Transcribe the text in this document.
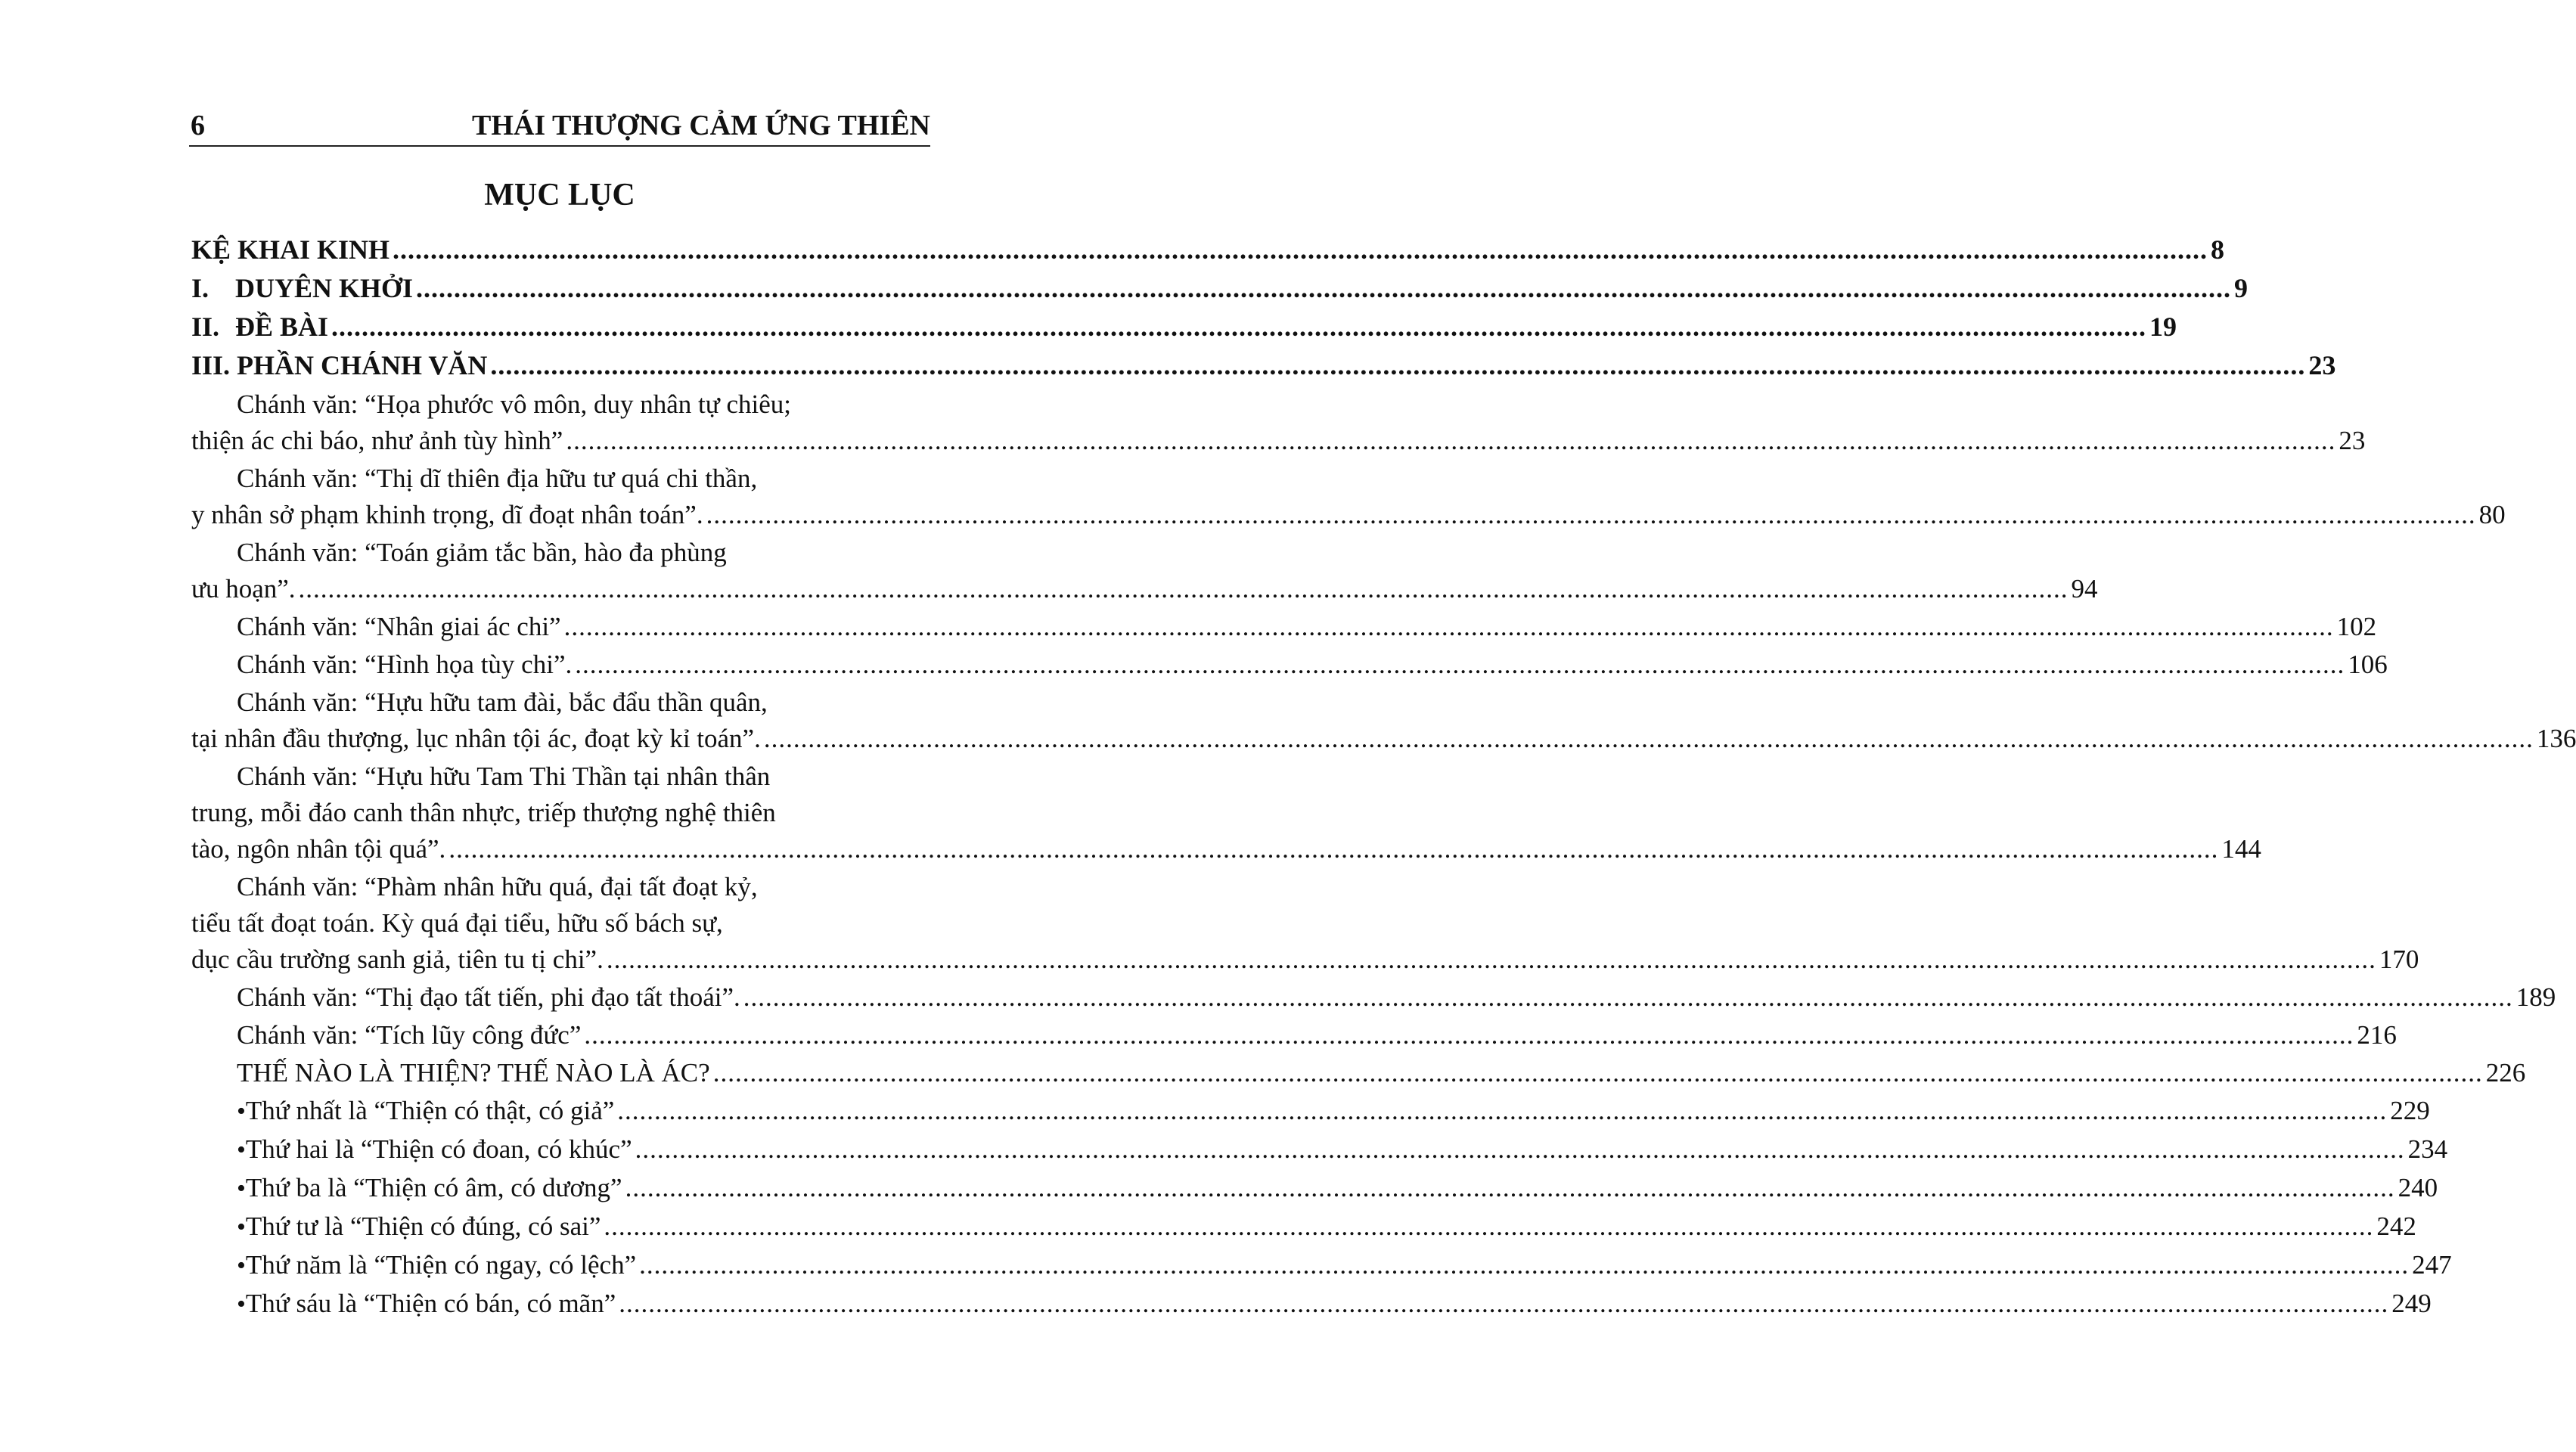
6	THÁI THƯỢNG CẢM ỨNG THIÊN
MỤC LỤC
KỆ KHAI KINH .....	8
I. DUYÊN KHỞI .....	9
II. ĐỀ BÀI .....	19
III. PHẦN CHÁNH VĂN .....	23
Chánh văn: “Họa phước vô môn, duy nhân tự chiêu;
thiện ác chi báo, như ảnh tùy hình” .....	23
Chánh văn: “Thị dĩ thiên địa hữu tư quá chi thần,
y nhân sở phạm khinh trọng, dĩ đoạt nhân toán”. .....	80
Chánh văn: “Toán giảm tắc bần, hào đa phùng
ưu hoạn”. .....	94
Chánh văn: “Nhân giai ác chi” .....	102
Chánh văn: “Hình họa tùy chi”. .....	106
Chánh văn: “Hựu hữu tam đài, bắc đẩu thần quân,
tại nhân đầu thượng, lục nhân tội ác, đoạt kỳ kỉ toán”. .....	136
Chánh văn: “Hựu hữu Tam Thi Thần tại nhân thân
trung, mỗi đáo canh thân nhực, triếp thượng nghệ thiên
tào, ngôn nhân tội quá”. .....	144
Chánh văn: “Phàm nhân hữu quá, đại tất đoạt kỷ,
tiểu tất đoạt toán. Kỳ quá đại tiểu, hữu số bách sự,
dục cầu trường sanh giả, tiên tu tị chi”. .....	170
Chánh văn: “Thị đạo tất tiến, phi đạo tất thoái”. .....	189
Chánh văn: “Tích lũy công đức” .....	216
THẾ NÀO LÀ THIỆN? THẾ NÀO LÀ ÁC? .....	226
• Thứ nhất là “Thiện có thật, có giả” .....	229
• Thứ hai là “Thiện có đoan, có khúc” .....	234
• Thứ ba là “Thiện có âm, có dương” .....	240
• Thứ tư là “Thiện có đúng, có sai” .....	242
• Thứ năm là “Thiện có ngay, có lệch” .....	247
• Thứ sáu là “Thiện có bán, có mãn” .....	249
